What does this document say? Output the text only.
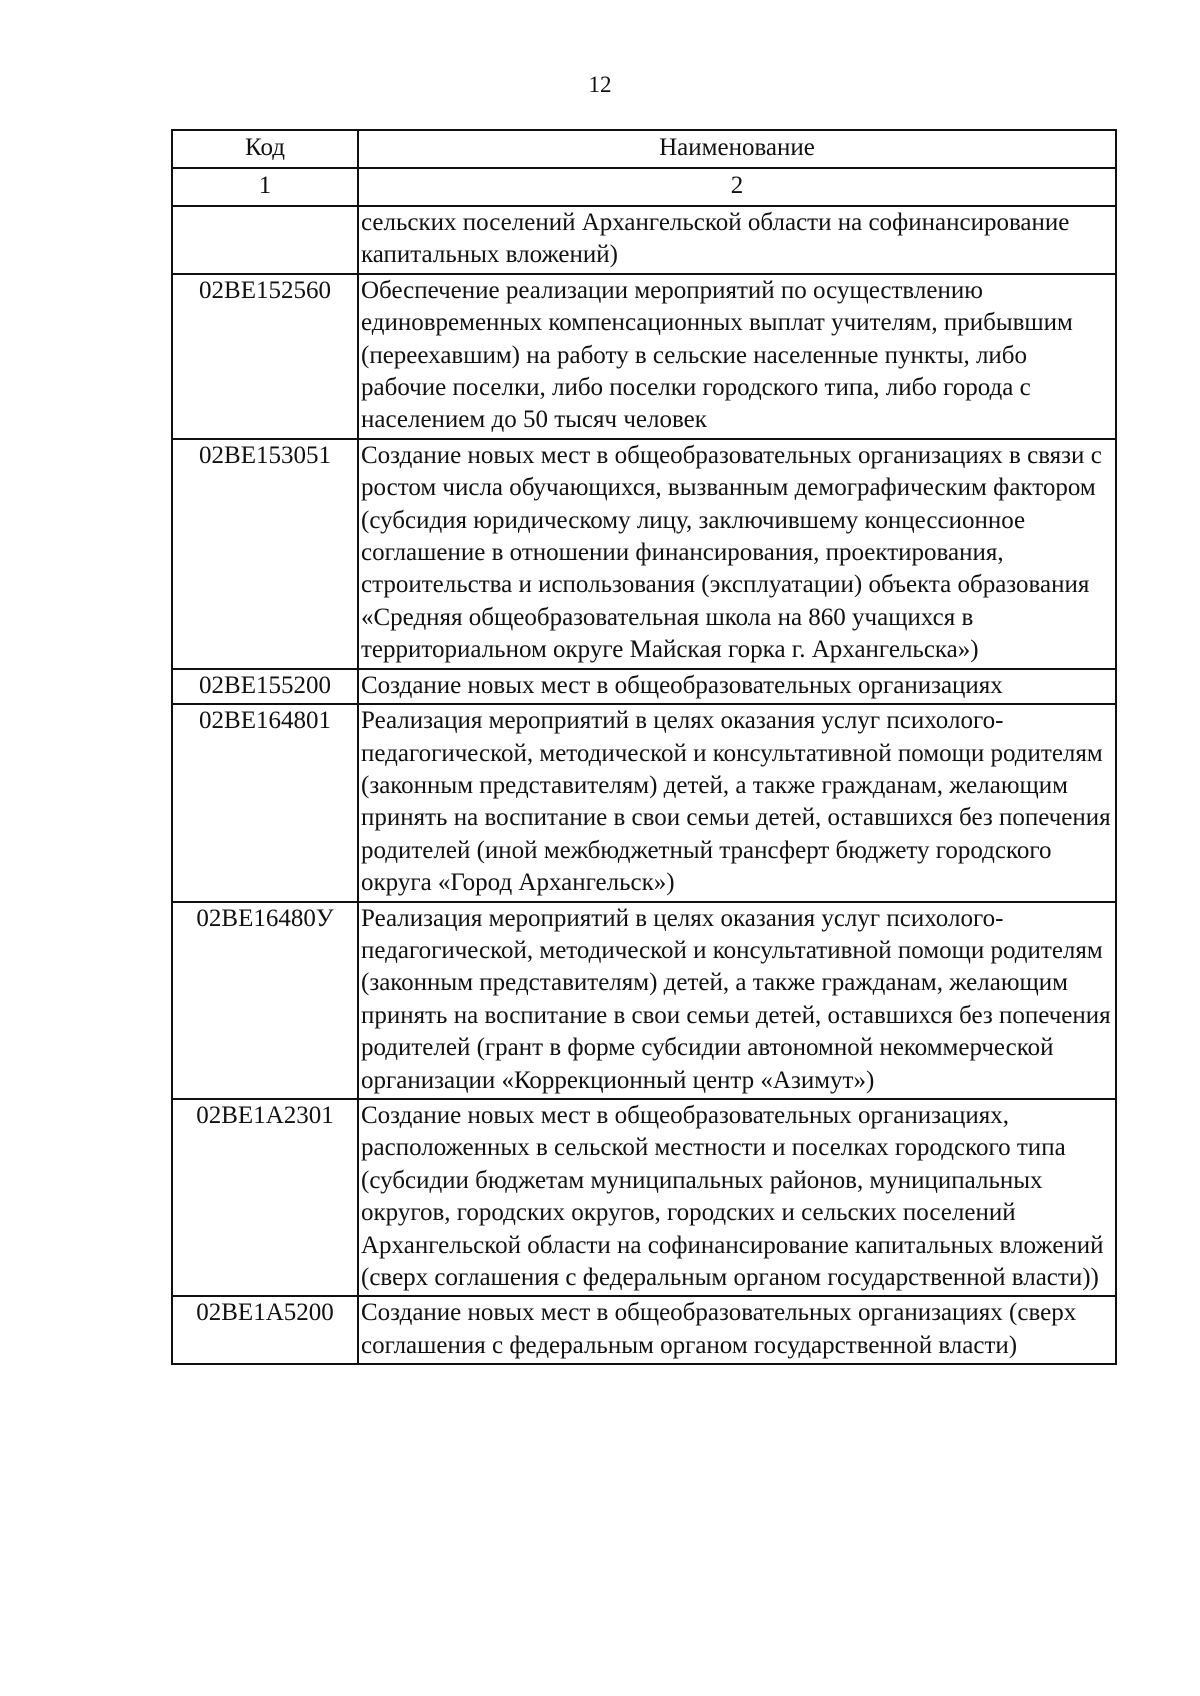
12
Код	Наименование
1	2
	сельских поселений Архангельской области на софинансирование капитальных вложений)
02BE152560	Обеспечение реализации мероприятий по осуществлению единовременных компенсационных выплат учителям, прибывшим (переехавшим) на работу в сельские населенные пункты, либо рабочие поселки, либо поселки городского типа, либо города с населением до 50 тысяч человек
02BE153051	Создание новых мест в общеобразовательных организациях в связи с ростом числа обучающихся, вызванным демографическим фактором (субсидия юридическому лицу, заключившему концессионное соглашение в отношении финансирования, проектирования, строительства и использования (эксплуатации) объекта образования «Средняя общеобразовательная школа на 860 учащихся в территориальном округе Майская горка г. Архангельска»)
02BE155200	Создание новых мест в общеобразовательных организациях
02BE164801	Реализация мероприятий в целях оказания услуг психолого-педагогической, методической и консультативной помощи родителям (законным представителям) детей, а также гражданам, желающим принять на воспитание в свои семьи детей, оставшихся без попечения родителей (иной межбюджетный трансферт бюджету городского округа «Город Архангельск»)
02BE16480У	Реализация мероприятий в целях оказания услуг психолого-педагогической, методической и консультативной помощи родителям (законным представителям) детей, а также гражданам, желающим принять на воспитание в свои семьи детей, оставшихся без попечения родителей (грант в форме субсидии автономной некоммерческой организации «Коррекционный центр «Азимут»)
02BE1A2301	Создание новых мест в общеобразовательных организациях, расположенных в сельской местности и поселках городского типа (субсидии бюджетам муниципальных районов, муниципальных округов, городских округов, городских и сельских поселений Архангельской области на софинансирование капитальных вложений (сверх соглашения с федеральным органом государственной власти))
02BE1A5200	Создание новых мест в общеобразовательных организациях (сверх соглашения с федеральным органом государственной власти)
